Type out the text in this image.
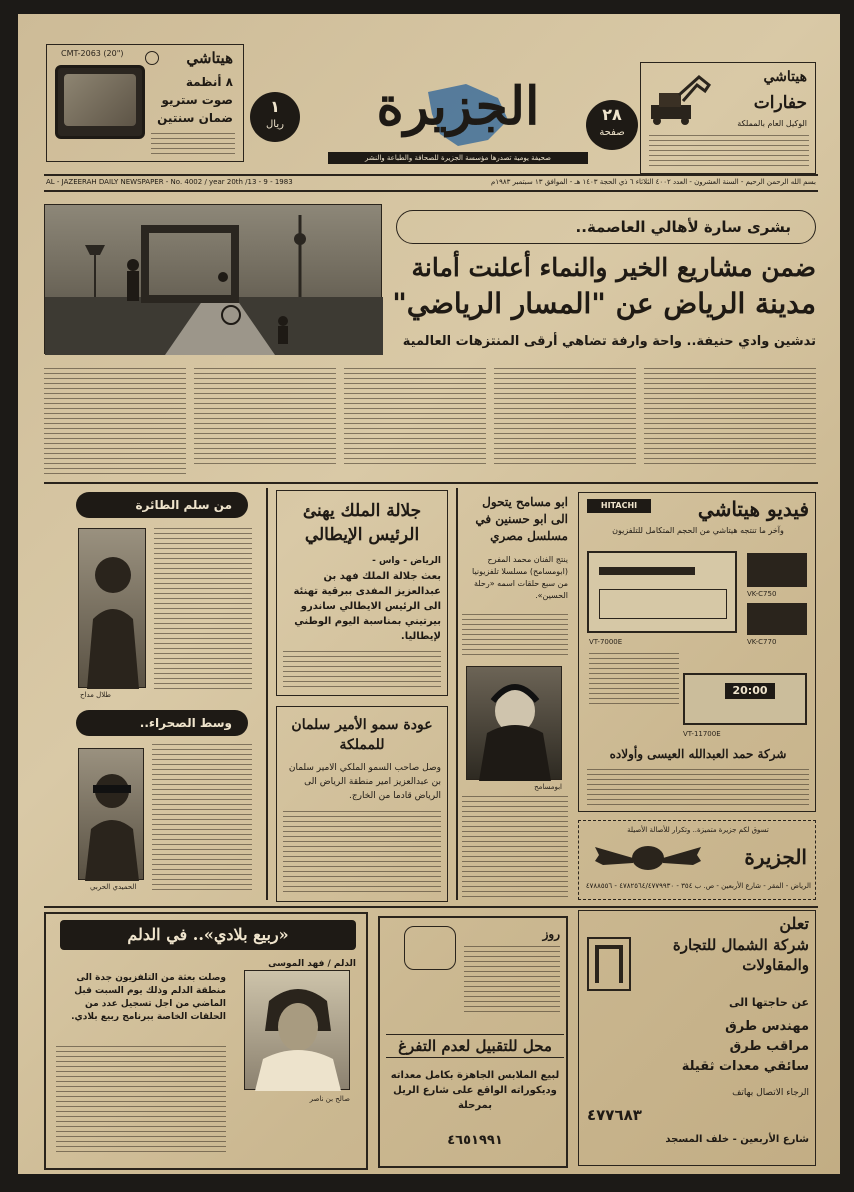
CMT-2063 (20")	هيتاشي
٨ أنظمة
صوت ستريو
ضمان سنتين
١
ريال	الجزيرة
صحيفة يومية تصدرها مؤسسة الجزيرة للصحافة والطباعة والنشر
٢٨
صفحة
هيتاشي
حفارات
الوكيل العام بالمملكة
AL - JAZEERAH DAILY NEWSPAPER - No. 4002 / year 20th /13 - 9 - 1983	بسم الله الرحمن الرحيم - السنة العشرون - العدد ٤٠٠٢ الثلاثاء ٦ ذي الحجة ١٤٠٣ هـ - الموافق ١٣ سبتمبر ١٩٨٣م
بشرى سارة لأهالي العاصمة..
ضمن مشاريع الخير والنماء أعلنت أمانة
مدينة الرياض عن "المسار الرياضي"
تدشين وادي حنيفة.. واحة وارفة تضاهي أرقى المنتزهات العالمية
من سلم الطائرة
طلال مداح
وسط الصحراء..
الحميدي الحربي
جلالة الملك يهنئ الرئيس الإيطالي
الرياض - واس -
بعث جلالة الملك فهد بن عبدالعزيز المفدى ببرقية تهنئة الى الرئيس الايطالي ساندرو بيرتيني بمناسبة اليوم الوطني لإيطاليا.
عودة سمو الأمير سلمان للمملكة
وصل صاحب السمو الملكي الامير سلمان بن عبدالعزيز امير منطقة الرياض الى الرياض قادما من الخارج.
ابو مسامح يتحول الى ابو حسنين في مسلسل مصري
ينتج الفنان محمد المفرح (ابومسامح) مسلسلا تلفزيونيا من سبع حلقات اسمه «رحلة الحسين».
ابومسامح
HITACHI	فيديو هيتاشي
وآخر ما تنتجه هيتاشي من الحجم المتكامل للتلفزيون
VK-C750
VK-C770
VT-7000E
20:00
VT-11700E
شركة حمد العبدالله العيسى وأولاده
تسوق لكم جزيرة متميزة.. وتكرار للأصالة الأصيلة
الجزيرة
الرياض - المقر - شارع الأربعين - ص. ب ٣٥٤ - ٤٧٨٢٥٦٤/٤٧٧٩٩٣٠ - ٤٧٨٨٥٥٦
«ربيع بلادي».. في الدلم
الدلم / فهد الموسى
وصلت بعثة من التلفزيون جدة الى منطقة الدلم وذلك يوم السبت قبل الماضي من اجل تسجيل عدد من الحلقات الخاصة ببرنامج ربيع بلادي.
صالح بن ناصر
روز
محل للتقبيل لعدم التفرغ
لبيع الملابس الجاهزة بكامل معداته وديكوراته الواقع على شارع الريل بمرحلة
٤٦٥١٩٩١
تعلن
شركة الشمال للتجارة والمقاولات
عن حاجتها الى
مهندس طرق
مراقب طرق
سائقي معدات ثقيلة
الرجاء الاتصال بهاتف
٤٧٧٦٨٣
شارع الأربعين - خلف المسجد
